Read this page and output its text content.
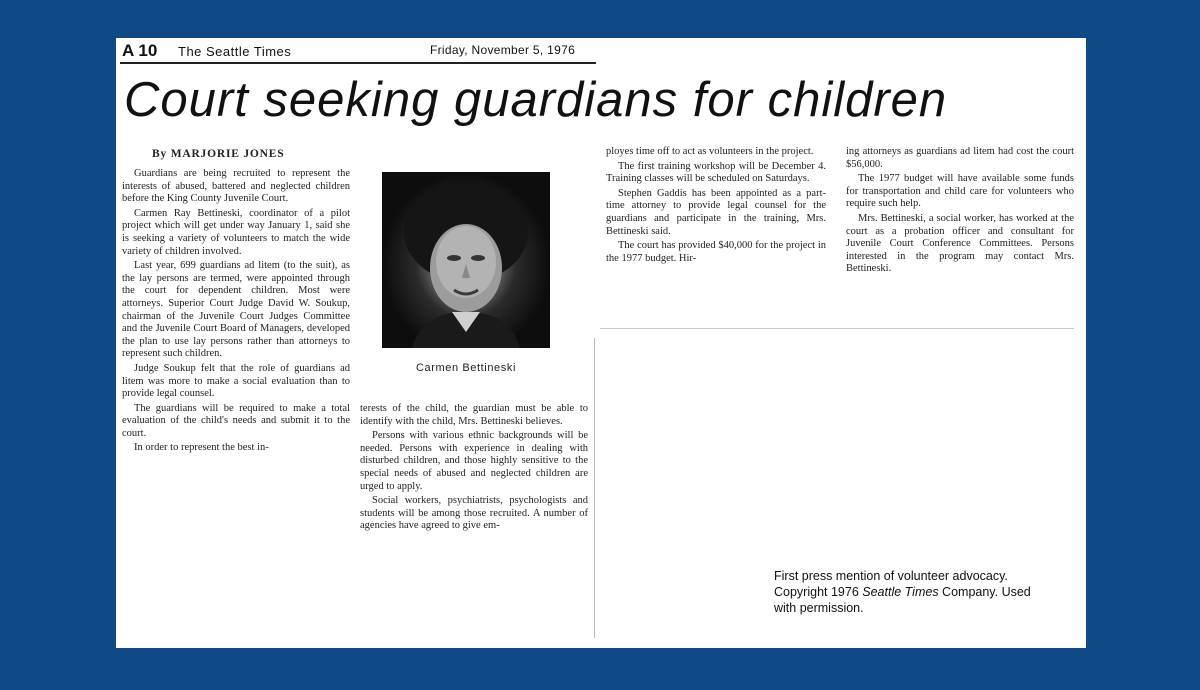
A 10 The Seattle Times	Friday, November 5, 1976
Court seeking guardians for children
By MARJORIE JONES

Guardians are being recruited to represent the interests of abused, battered and neglected children before the King County Juvenile Court.

Carmen Ray Bettineski, coordinator of a pilot project which will get under way January 1, said she is seeking a variety of volunteers to match the wide variety of children involved.

Last year, 699 guardians ad litem (to the suit), as the lay persons are termed, were appointed through the court for dependent children. Most were attorneys. Superior Court Judge David W. Soukup, chairman of the Juvenile Court Judges Committee and the Juvenile Court Board of Managers, developed the plan to use lay persons rather than attorneys to represent such children.

Judge Soukup felt that the role of guardians ad litem was more to make a social evaluation than to provide legal counsel.

The guardians will be required to make a total evaluation of the child's needs and submit it to the court.

In order to represent the best in-

Carmen Bettineski

terests of the child, the guardian must be able to identify with the child, Mrs. Bettineski believes.

Persons with various ethnic backgrounds will be needed. Persons with experience in dealing with disturbed children, and those highly sensitive to the special needs of abused and neglected children are urged to apply.

Social workers, psychiatrists, psychologists and students will be among those recruited. A number of agencies have agreed to give em-

ployes time off to act as volunteers in the project.

The first training workshop will be December 4. Training classes will be scheduled on Saturdays.

Stephen Gaddis has been appointed as a part-time attorney to provide legal counsel for the guardians and participate in the training, Mrs. Bettineski said.

The court has provided $40,000 for the project in the 1977 budget. Hir-

ing attorneys as guardians ad litem had cost the court $56,000.

The 1977 budget will have available some funds for transportation and child care for volunteers who require such help.

Mrs. Bettineski, a social worker, has worked at the court as a probation officer and consultant for Juvenile Court Conference Committees. Persons interested in the program may contact Mrs. Bettineski.

First press mention of volunteer advocacy.
Copyright 1976 Seattle Times Company. Used
with permission.
